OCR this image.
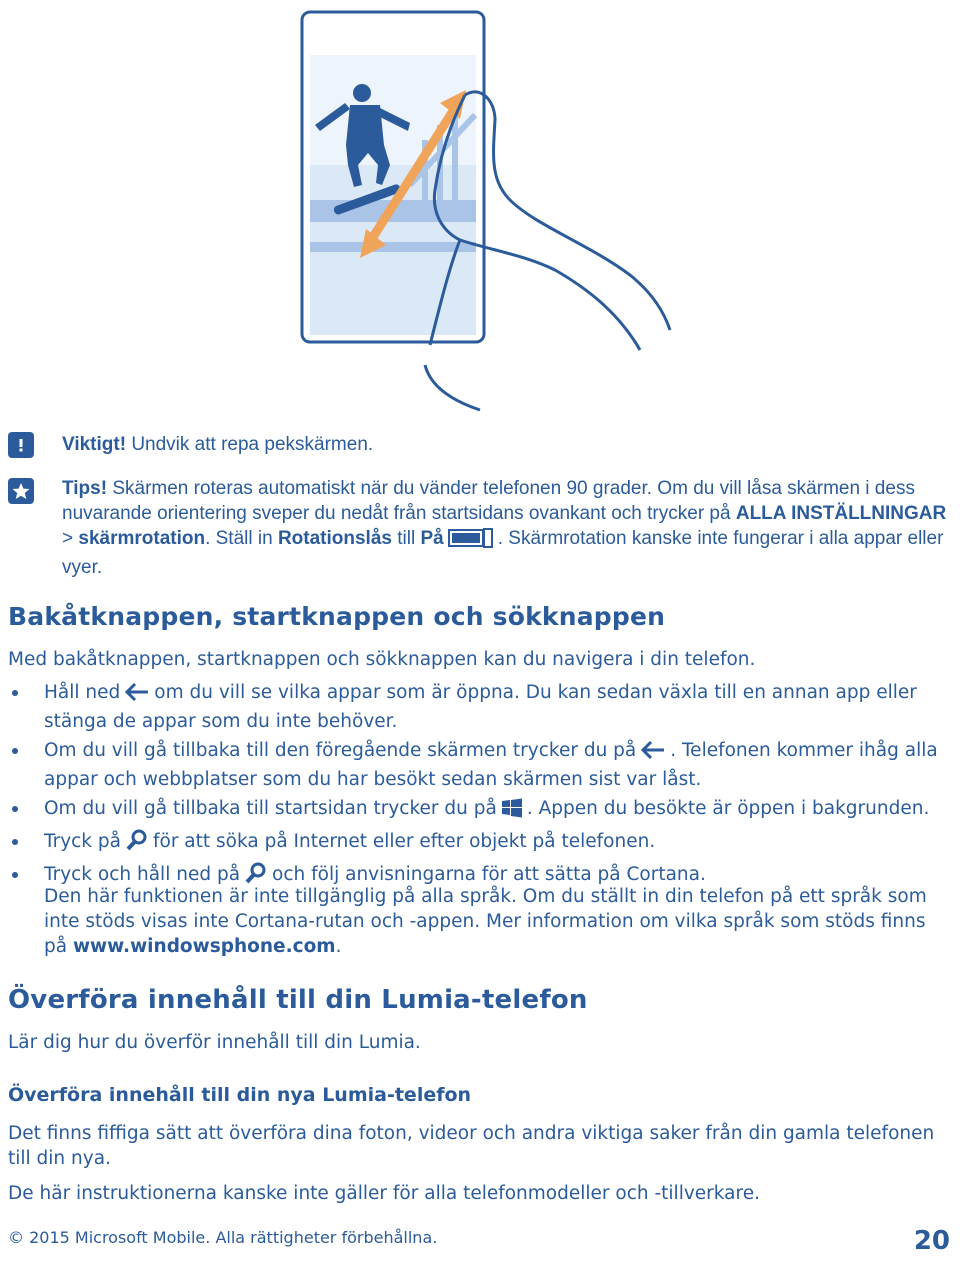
Viktigt! Undvik att repa pekskärmen.
Tips! Skärmen roteras automatiskt när du vänder telefonen 90 grader. Om du vill låsa skärmen i dess nuvarande orientering sveper du nedåt från startsidans ovankant och trycker på ALLA INSTÄLLNINGAR > skärmrotation. Ställ in Rotationslås till På	. Skärmrotation kanske inte fungerar i alla appar eller vyer.
Bakåtknappen, startknappen och sökknappen
Med bakåtknappen, startknappen och sökknappen kan du navigera i din telefon.
Håll ned om du vill se vilka appar som är öppna. Du kan sedan växla till en annan app eller stänga de appar som du inte behöver.
Om du vill gå tillbaka till den föregående skärmen trycker du på . Telefonen kommer ihåg alla appar och webbplatser som du har besökt sedan skärmen sist var låst.
Om du vill gå tillbaka till startsidan trycker du på . Appen du besökte är öppen i bakgrunden.
Tryck på för att söka på Internet eller efter objekt på telefonen.
Tryck och håll ned på och följ anvisningarna för att sätta på Cortana.
Den här funktionen är inte tillgänglig på alla språk. Om du ställt in din telefon på ett språk som inte stöds visas inte Cortana-rutan och -appen. Mer information om vilka språk som stöds finns på www.windowsphone.com.
Överföra innehåll till din Lumia-telefon
Lär dig hur du överför innehåll till din Lumia.
Överföra innehåll till din nya Lumia-telefon
Det finns fiffiga sätt att överföra dina foton, videor och andra viktiga saker från din gamla telefonen till din nya.
De här instruktionerna kanske inte gäller för alla telefonmodeller och -tillverkare.
© 2015 Microsoft Mobile. Alla rättigheter förbehållna.	20
